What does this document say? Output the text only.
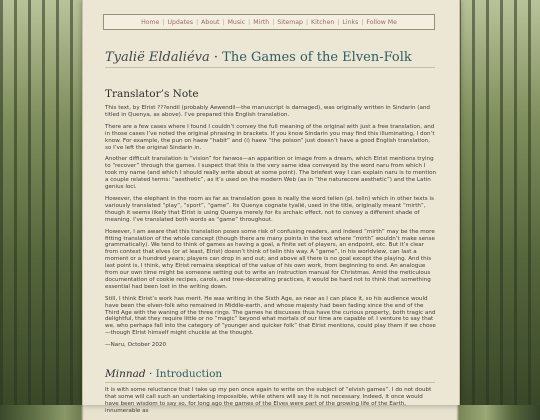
Home | Updates | About | Music | Mirth | Sitemap | Kitchen | Links | Follow Me
Tyalië Eldaliéva · The Games of the Elven-Folk
Translator’s Note

This text, by Elrist ???endil (probably Aewendil—the manuscript is damaged), was originally written in Sindarin (and titled in Quenya, as above). I’ve prepared this English translation.

There are a few cases where I found I couldn’t convey the full meaning of the original with just a free translation, and in those cases I’ve noted the original phrasing in brackets. If you know Sindarin you may find this illuminating, I don’t know. For example, the pun on haew “habit” and (i) haew “the poison” just doesn’t have a good English translation, so I’ve left the original Sindarin in.

Another difficult translation is “vision” for fanwos—an apparition or image from a dream, which Elrist mentions trying to “recover” through the games. I suspect that this is the very same idea conveyed by the word naru from which I took my name (and which I should really write about at some point). The briefest way I can explain naru is to mention a couple related terms: “aesthetic”, as it’s used on the modern Web (as in “the naturecore aesthetic”) and the Latin genius loci.

However, the elephant in the room as far as translation goes is really the word telien (pl. telin) which in other texts is variously translated “play”, “sport”, “game”. Its Quenya cognate tyalië, used in the title, originally meant “mirth”, though it seems likely that Elrist is using Quenya merely for its archaic effect, not to convey a different shade of meaning. I’ve translated both words as “game” throughout.

However, I am aware that this translation poses some risk of confusing readers, and indeed “mirth” may be the more fitting translation of the whole concept (though there are many points in the text where “mirth” wouldn’t make sense grammatically). We tend to think of games as having a goal, a finite set of players, an endpoint, etc. But it’s clear from context that elves (or at least, Elrist) doesn’t think of telin this way. A “game”, in his worldview, can last a moment or a hundred years; players can drop in and out; and above all there is no goal except the playing. And this last point is, I think, why Elrist remains skeptical of the value of his own work, from beginning to end. An analogue from our own time might be someone setting out to write an instruction manual for Christmas. Amid the meticulous documentation of cookie recipes, carols, and tree-decorating practices, it would be hard not to think that something essential had been lost in the writing down.

Still, I think Elrist’s work has merit. He was writing in the Sixth Age, as near as I can place it, so his audience would have been the elven-folk who remained in Middle-earth, and whose majesty had been fading since the end of the Third Age with the waning of the three rings. The games he discusses thus have the curious property, both tragic and delightful, that they require little or no “magic” beyond what mortals of our time are capable of. I venture to say that we, who perhaps fall into the category of “younger and quicker folk” that Elrist mentions, could play them if we chose—though Elrist himself might chuckle at the thought.

—Naru, October 2020

Minnad · Introduction

It is with some reluctance that I take up my pen once again to write on the subject of “elvish games”. I do not doubt that some will call such an undertaking impossible, while others will say it is not necessary. Indeed, it once would have been wisdom to say so, for long ago the games of the Elves were part of the growing life of the Earth, innumerable as
